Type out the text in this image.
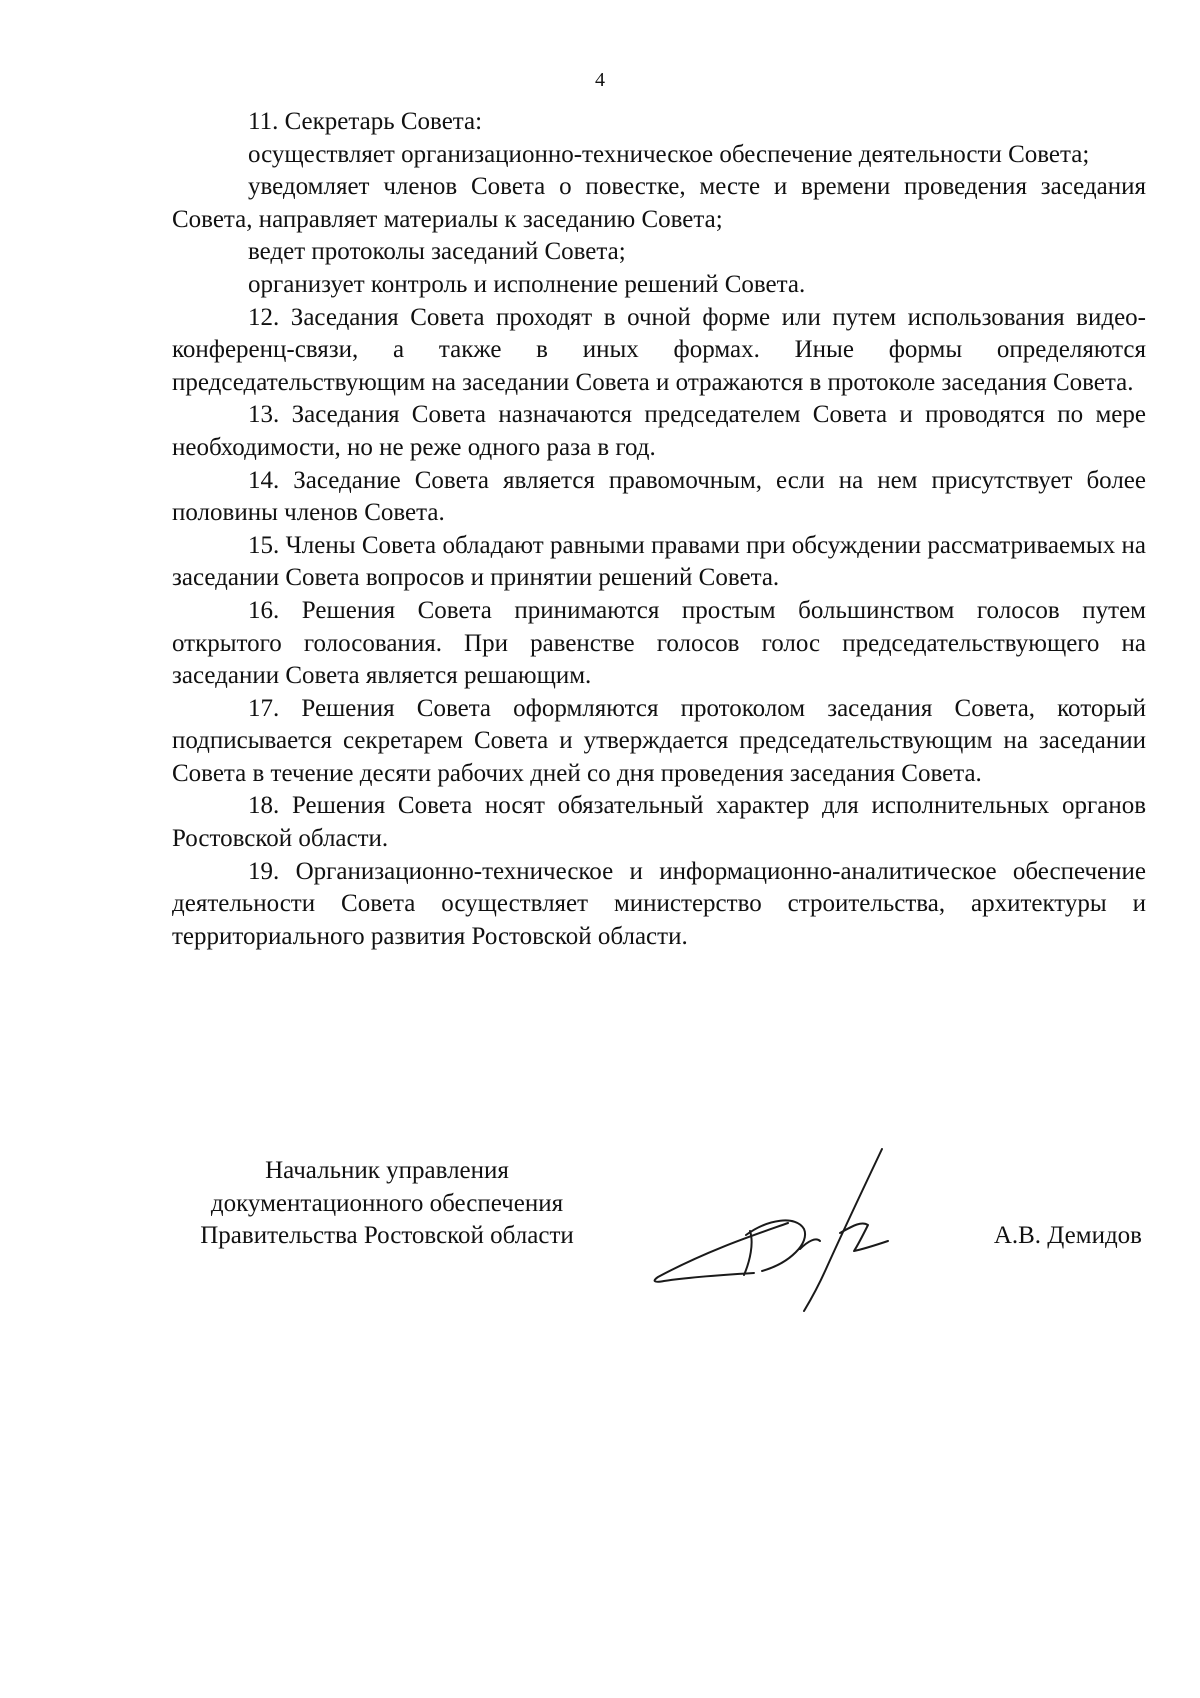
4

11. Секретарь Совета:

осуществляет организационно-техническое обеспечение деятельности Совета;

уведомляет членов Совета о повестке, месте и времени проведения заседания Совета, направляет материалы к заседанию Совета;

ведет протоколы заседаний Совета;

организует контроль и исполнение решений Совета.

12. Заседания Совета проходят в очной форме или путем использования видео-конференц-связи, а также в иных формах. Иные формы определяются председательствующим на заседании Совета и отражаются в протоколе заседания Совета.

13. Заседания Совета назначаются председателем Совета и проводятся по мере необходимости, но не реже одного раза в год.

14. Заседание Совета является правомочным, если на нем присутствует более половины членов Совета.

15. Члены Совета обладают равными правами при обсуждении рассматриваемых на заседании Совета вопросов и принятии решений Совета.

16. Решения Совета принимаются простым большинством голосов путем открытого голосования. При равенстве голосов голос председательствующего на заседании Совета является решающим.

17. Решения Совета оформляются протоколом заседания Совета, который подписывается секретарем Совета и утверждается председательствующим на заседании Совета в течение десяти рабочих дней со дня проведения заседания Совета.

18. Решения Совета носят обязательный характер для исполнительных органов Ростовской области.

19. Организационно-техническое и информационно-аналитическое обеспечение деятельности Совета осуществляет министерство строительства, архитектуры и территориального развития Ростовской области.

Начальник управления
документационного обеспечения
Правительства Ростовской области	А.В. Демидов
